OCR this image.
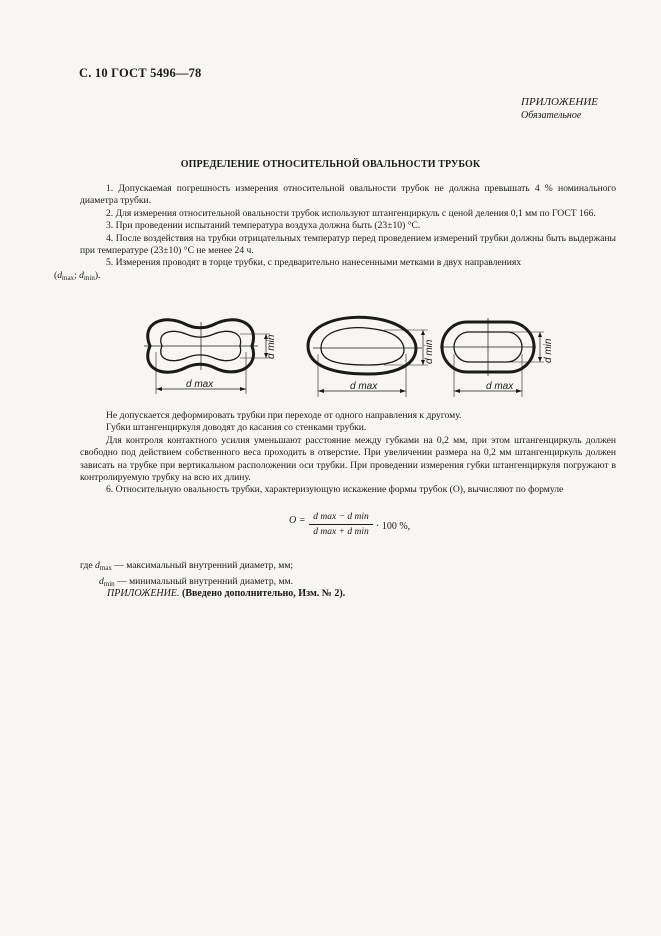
С. 10 ГОСТ 5496—78
ПРИЛОЖЕНИЕ
Обязательное
ОПРЕДЕЛЕНИЕ ОТНОСИТЕЛЬНОЙ ОВАЛЬНОСТИ ТРУБОК

1. Допускаемая погрешность измерения относительной овальности трубок не должна превышать 4 % номинального диаметра трубки.

2. Для измерения относительной овальности трубок используют штангенциркуль с ценой деления 0,1 мм по ГОСТ 166.

3. При проведении испытаний температура воздуха должна быть (23±10) °С.

4. После воздействия на трубки отрицательных температур перед проведением измерений трубки должны быть выдержаны при температуре (23±10) °С не менее 24 ч.

5. Измерения проводят в торце трубки, с предварительно нанесенными метками в двух направлениях
($d_{max}$; $d_{min}$).

d max
d min
d max
d min
d max
d min

Не допускается деформировать трубки при переходе от одного направления к другому.

Губки штангенциркуля доводят до касания со стенками трубки.

Для контроля контактного усилия уменьшают расстояние между губками на 0,2 мм, при этом штангенциркуль должен свободно под действием собственного веса проходить в отверстие. При увеличении размера на 0,2 мм штангенциркуль должен зависать на трубке при вертикальном расположении оси трубки. При проведении измерения губки штангенциркуля погружают в контролируемую трубку на всю их длину.

6. Относительную овальность трубки, характеризующую искажение формы трубок (О), вычисляют по формуле

O = d max − d min
d max + d min · 100 %,
где $d_{max}$ — максимальный внутренний диаметр, мм;
$d_{min}$ — минимальный внутренний диаметр, мм.
ПРИЛОЖЕНИЕ. (Введено дополнительно, Изм. № 2).
